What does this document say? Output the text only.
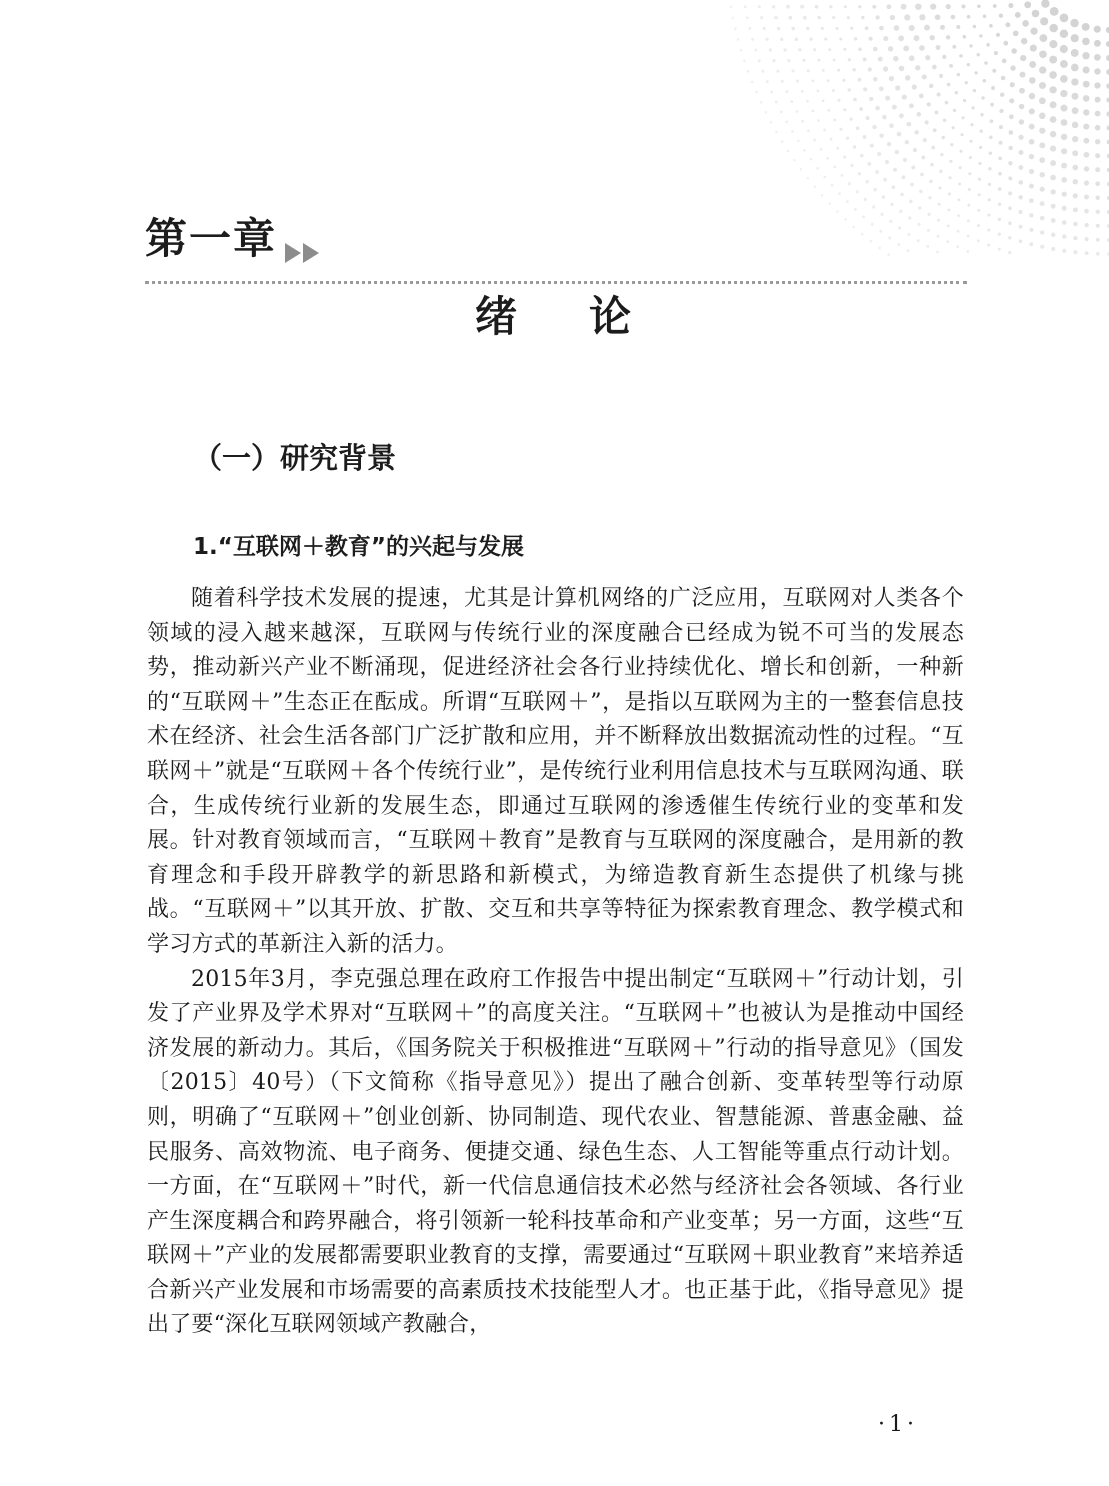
第一章
绪 论
（一）研究背景
1.“互联网＋教育”的兴起与发展

随着科学技术发展的提速，尤其是计算机网络的广泛应用，互联网对人类各个领域的浸入越来越深，互联网与传统行业的深度融合已经成为锐不可当的发展态势，推动新兴产业不断涌现，促进经济社会各行业持续优化、增长和创新，一种新的“互联网＋”生态正在酝成。所谓“互联网＋”，是指以互联网为主的一整套信息技术在经济、社会生活各部门广泛扩散和应用，并不断释放出数据流动性的过程。“互联网＋”就是“互联网＋各个传统行业”，是传统行业利用信息技术与互联网沟通、联合，生成传统行业新的发展生态，即通过互联网的渗透催生传统行业的变革和发展。针对教育领域而言，“互联网＋教育”是教育与互联网的深度融合，是用新的教育理念和手段开辟教学的新思路和新模式，为缔造教育新生态提供了机缘与挑战。“互联网＋”以其开放、扩散、交互和共享等特征为探索教育理念、教学模式和学习方式的革新注入新的活力。

2015年3月，李克强总理在政府工作报告中提出制定“互联网＋”行动计划，引发了产业界及学术界对“互联网＋”的高度关注。“互联网＋”也被认为是推动中国经济发展的新动力。其后，《国务院关于积极推进“互联网＋”行动的指导意见》（国发〔2015〕40号）（下文简称《指导意见》）提出了融合创新、变革转型等行动原则，明确了“互联网＋”创业创新、协同制造、现代农业、智慧能源、普惠金融、益民服务、高效物流、电子商务、便捷交通、绿色生态、人工智能等重点行动计划。一方面，在“互联网＋”时代，新一代信息通信技术必然与经济社会各领域、各行业产生深度耦合和跨界融合，将引领新一轮科技革命和产业变革；另一方面，这些“互联网＋”产业的发展都需要职业教育的支撑，需要通过“互联网＋职业教育”来培养适合新兴产业发展和市场需要的高素质技术技能型人才。也正基于此，《指导意见》提出了要“深化互联网领域产教融合，

·1·
